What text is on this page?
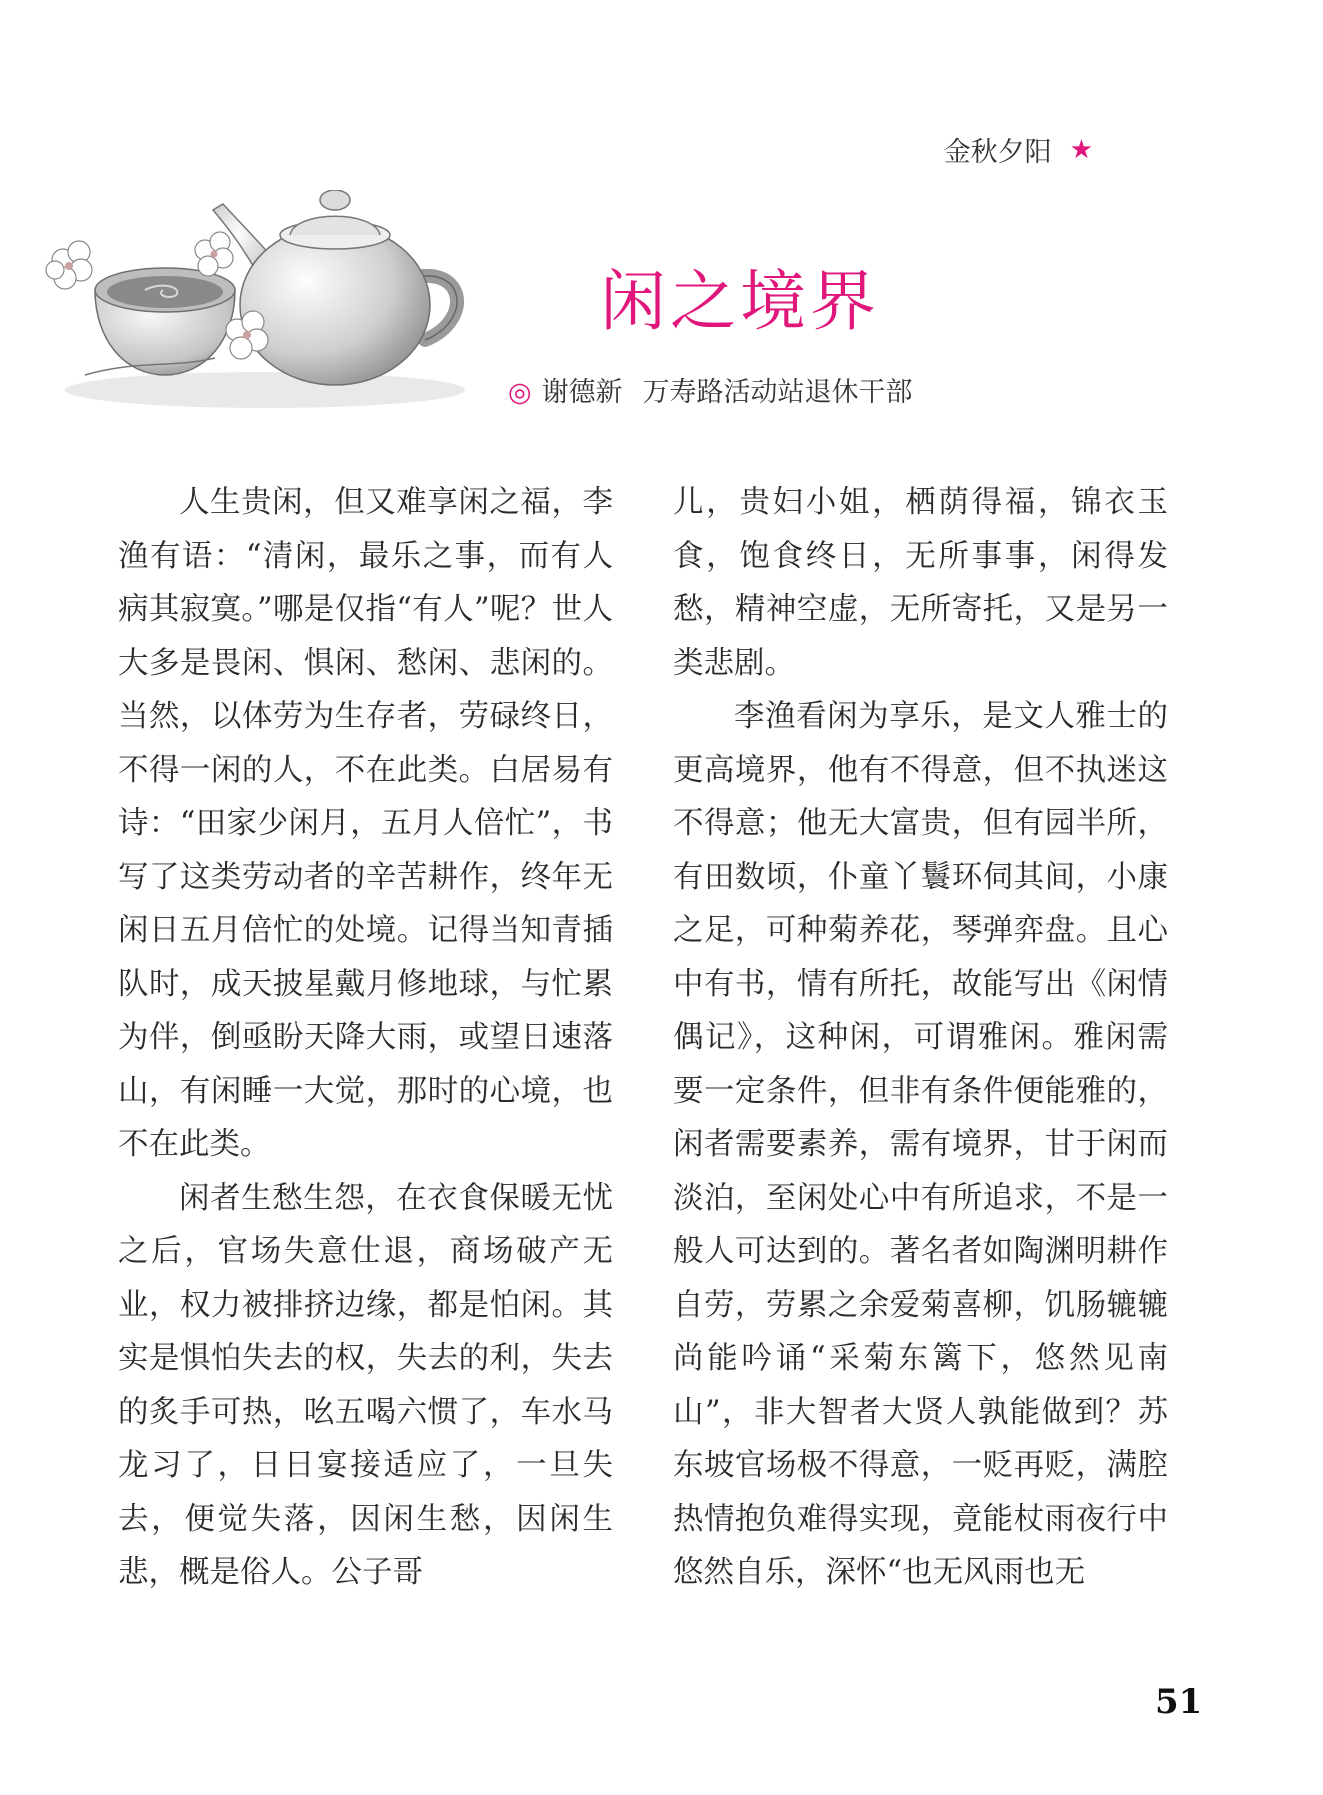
金秋夕阳 ★
闲之境界
◎ 谢德新 万寿路活动站退休干部

人生贵闲，但又难享闲之福，李渔有语：“清闲，最乐之事，而有人病其寂寞。”哪是仅指“有人”呢？世人大多是畏闲、惧闲、愁闲、悲闲的。当然，以体劳为生存者，劳碌终日，不得一闲的人，不在此类。白居易有诗：“田家少闲月，五月人倍忙”，书写了这类劳动者的辛苦耕作，终年无闲日五月倍忙的处境。记得当知青插队时，成天披星戴月修地球，与忙累为伴，倒亟盼天降大雨，或望日速落山，有闲睡一大觉，那时的心境，也不在此类。

闲者生愁生怨，在衣食保暖无忧之后，官场失意仕退，商场破产无业，权力被排挤边缘，都是怕闲。其实是惧怕失去的权，失去的利，失去的炙手可热，吆五喝六惯了，车水马龙习了，日日宴接适应了，一旦失去，便觉失落，因闲生愁，因闲生悲，概是俗人。公子哥

儿，贵妇小姐，栖荫得福，锦衣玉食，饱食终日，无所事事，闲得发愁，精神空虚，无所寄托，又是另一类悲剧。

李渔看闲为享乐，是文人雅士的更高境界，他有不得意，但不执迷这不得意；他无大富贵，但有园半所，有田数顷，仆童丫鬟环伺其间，小康之足，可种菊养花，琴弹弈盘。且心中有书，情有所托，故能写出《闲情偶记》，这种闲，可谓雅闲。雅闲需要一定条件，但非有条件便能雅的，闲者需要素养，需有境界，甘于闲而淡泊，至闲处心中有所追求，不是一般人可达到的。著名者如陶渊明耕作自劳，劳累之余爱菊喜柳，饥肠辘辘尚能吟诵“采菊东篱下，悠然见南山”，非大智者大贤人孰能做到？苏东坡官场极不得意，一贬再贬，满腔热情抱负难得实现，竟能杖雨夜行中悠然自乐，深怀“也无风雨也无

51
